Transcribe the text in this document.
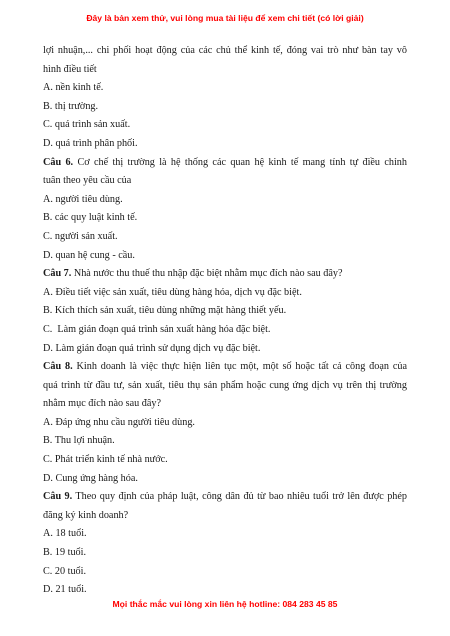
Đây là bản xem thử, vui lòng mua tài liệu để xem chi tiết (có lời giải)
lợi nhuận,... chi phối hoạt động của các chủ thể kinh tế, đóng vai trò như bàn tay vô
hình điều tiết
A. nền kinh tế.
B. thị trường.
C. quá trình sản xuất.
D. quá trình phân phối.
Câu 6. Cơ chế thị trường là hệ thống các quan hệ kinh tế mang tính tự điều chỉnh
tuân theo yêu cầu của
A. người tiêu dùng.
B. các quy luật kinh tế.
C. người sản xuất.
D. quan hệ cung - cầu.
Câu 7. Nhà nước thu thuế thu nhập đặc biệt nhằm mục đích nào sau đây?
A. Điều tiết việc sản xuất, tiêu dùng hàng hóa, dịch vụ đặc biệt.
B. Kích thích sản xuất, tiêu dùng những mặt hàng thiết yếu.
C.  Làm gián đoạn quá trình sản xuất hàng hóa đặc biệt.
D. Làm gián đoạn quá trình sử dụng dịch vụ đặc biệt.
Câu 8. Kinh doanh là việc thực hiện liên tục một, một số hoặc tất cả công đoạn của
quá trình từ đầu tư, sản xuất, tiêu thụ sản phẩm hoặc cung ứng dịch vụ trên thị trường
nhằm mục đích nào sau đây?
A. Đáp ứng nhu cầu người tiêu dùng.
B. Thu lợi nhuận.
C. Phát triển kinh tế nhà nước.
D. Cung ứng hàng hóa.
Câu 9. Theo quy định của pháp luật, công dân đủ từ bao nhiêu tuổi trở lên được phép
đăng ký kinh doanh?
A. 18 tuổi.
B. 19 tuổi.
C. 20 tuổi.
D. 21 tuổi.
Mọi thắc mắc vui lòng xin liên hệ hotline: 084 283 45 85
